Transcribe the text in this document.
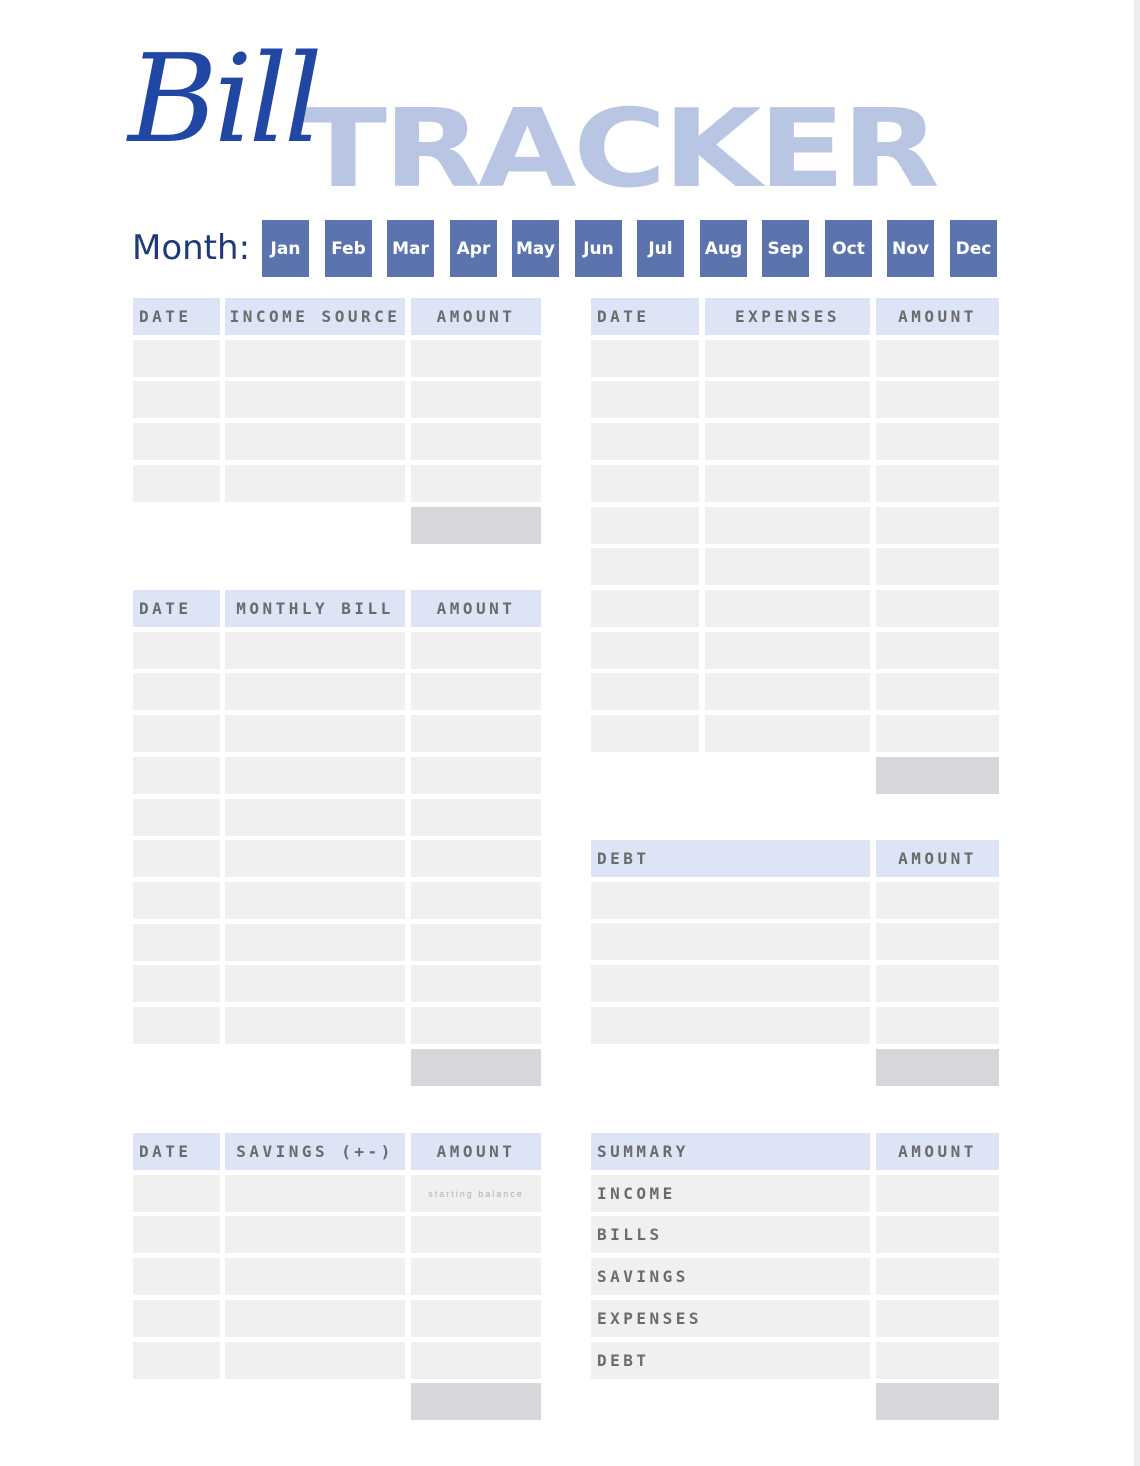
TRACKER
Bill
Month:	Jan	Feb	Mar	Apr	May	Jun	Jul	Aug	Sep	Oct	Nov	Dec
DATE	INCOME SOURCE	AMOUNT
DATE	MONTHLY BILL	AMOUNT
DATE	SAVINGS (+-)	AMOUNT
starting balance
DATE	EXPENSES	AMOUNT
DEBT	AMOUNT
SUMMARY	AMOUNT
INCOME
BILLS
SAVINGS
EXPENSES
DEBT
